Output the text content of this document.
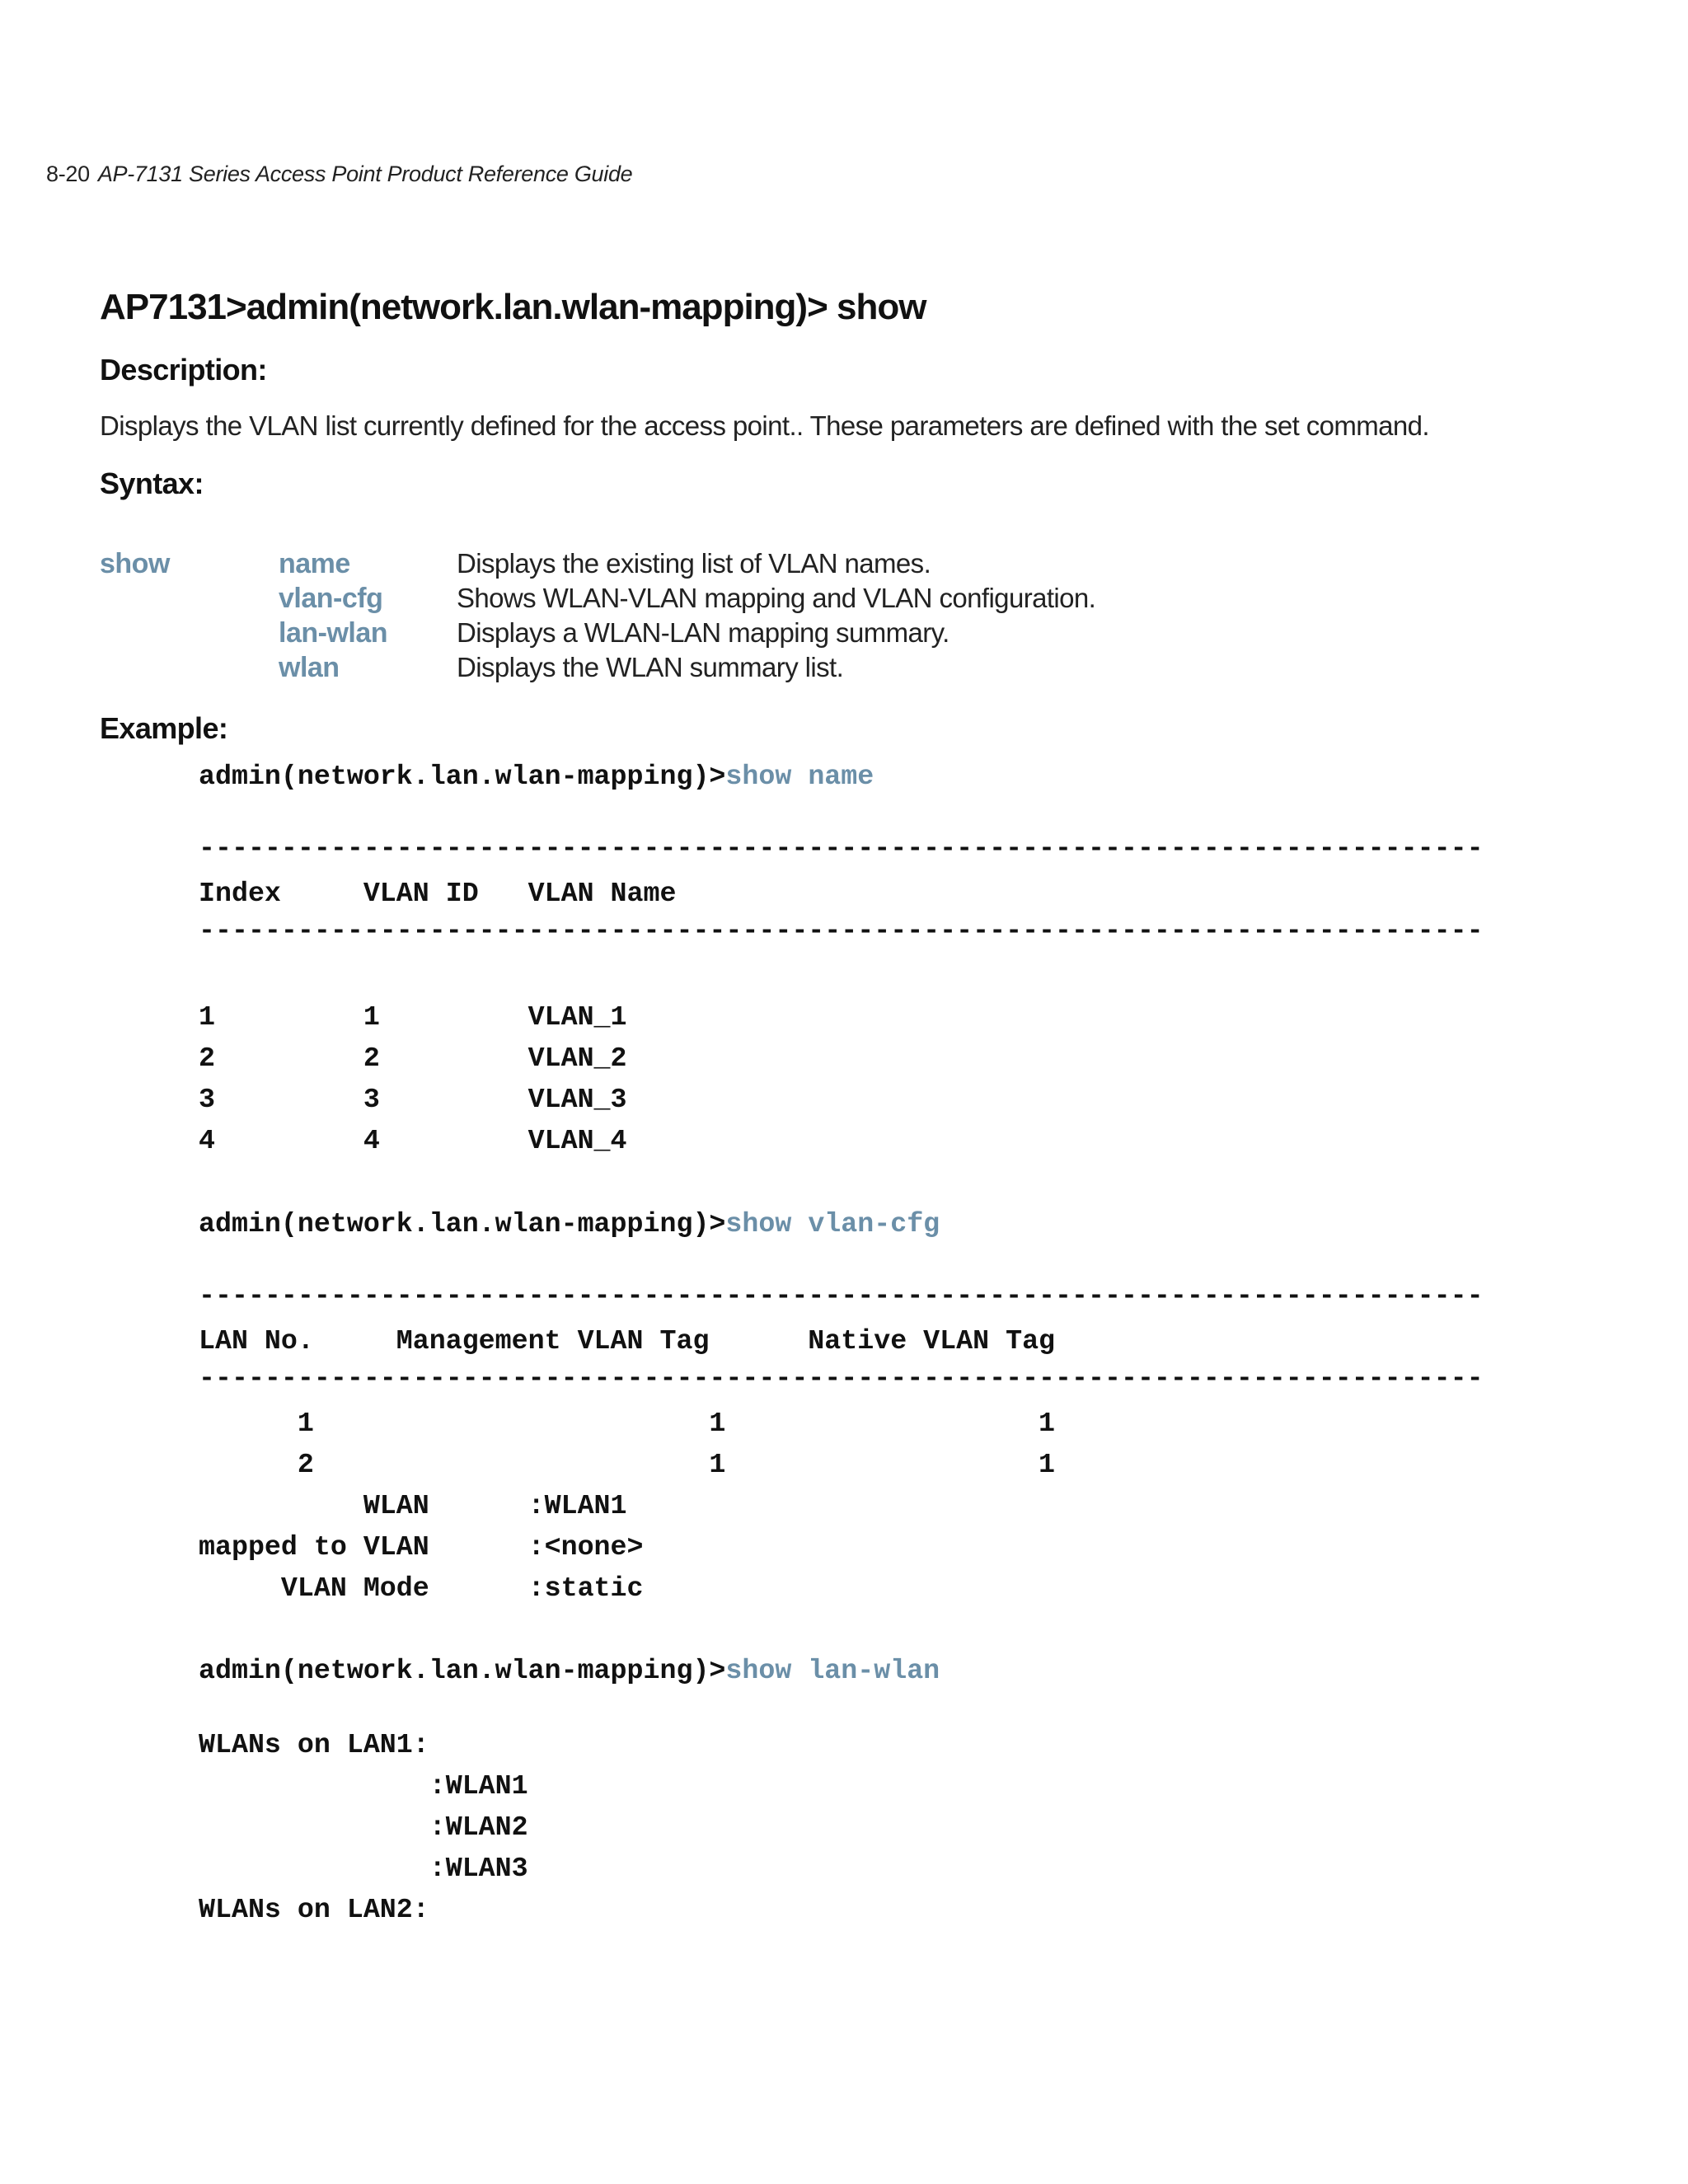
8-20 AP-7131 Series Access Point Product Reference Guide
AP7131>admin(network.lan.wlan-mapping)> show
Description:
Displays the VLAN list currently defined for the access point.. These parameters are defined with the set command.
Syntax:
show	name	Displays the existing list of VLAN names.
vlan-cfg	Shows WLAN-VLAN mapping and VLAN configuration.
lan-wlan	Displays a WLAN-LAN mapping summary.
wlan	Displays the WLAN summary list.
Example:
admin(network.lan.wlan-mapping)>show name
------------------------------------------------------------------------------
Index     VLAN ID   VLAN Name
------------------------------------------------------------------------------
1         1         VLAN_1
2         2         VLAN_2
3         3         VLAN_3
4         4         VLAN_4
admin(network.lan.wlan-mapping)>show vlan-cfg
------------------------------------------------------------------------------
LAN No.     Management VLAN Tag      Native VLAN Tag
------------------------------------------------------------------------------
1                        1                   1
2                        1                   1
WLAN      :WLAN1
mapped to VLAN      :<none>
VLAN Mode      :static
admin(network.lan.wlan-mapping)>show lan-wlan
WLANs on LAN1:
:WLAN1
:WLAN2
:WLAN3
WLANs on LAN2:
